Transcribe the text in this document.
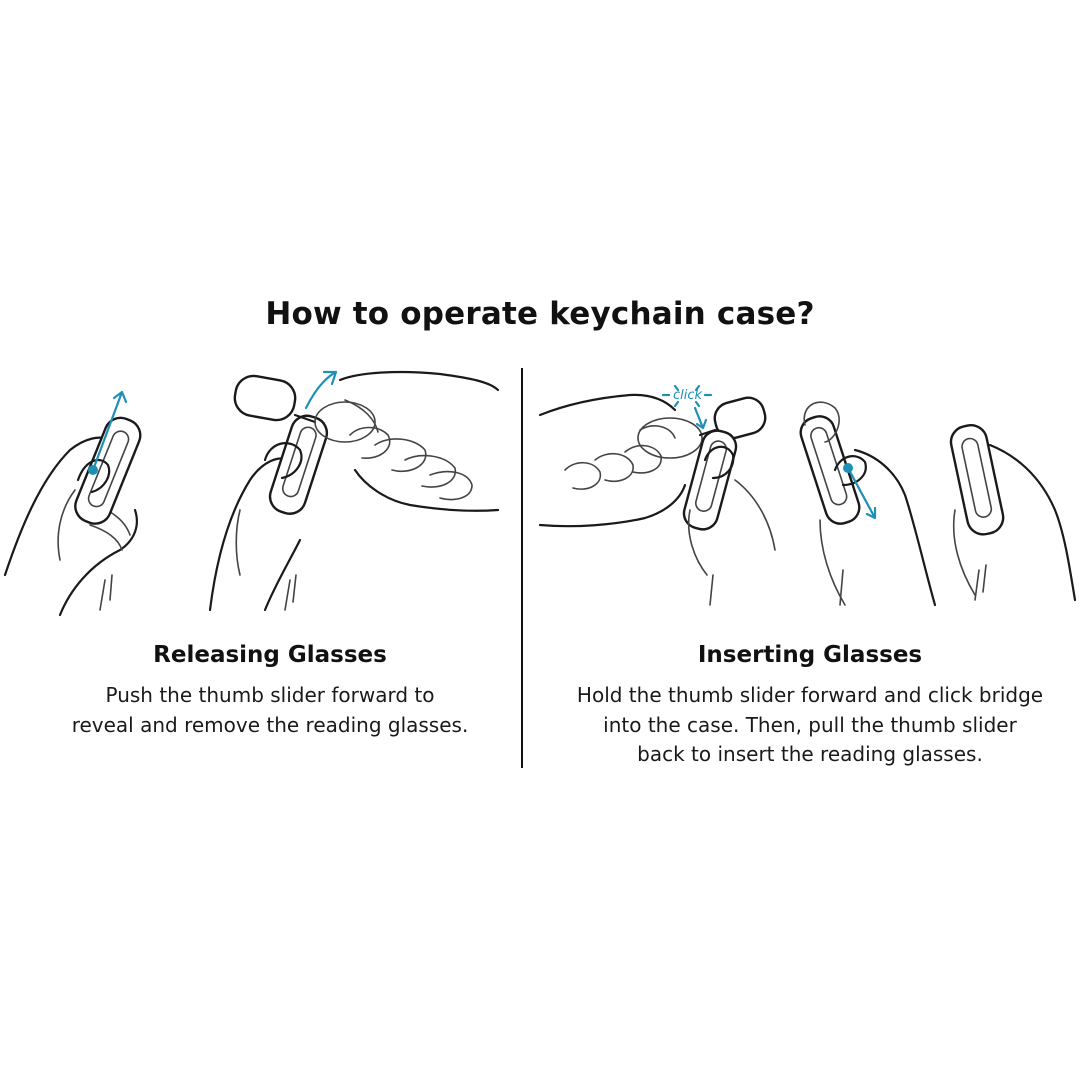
How to operate keychain case?
click
Releasing Glasses

Push the thumb slider forward to
reveal and remove the reading glasses.

Inserting Glasses

Hold the thumb slider forward and click bridge
into the case. Then, pull the thumb slider
back to insert the reading glasses.
